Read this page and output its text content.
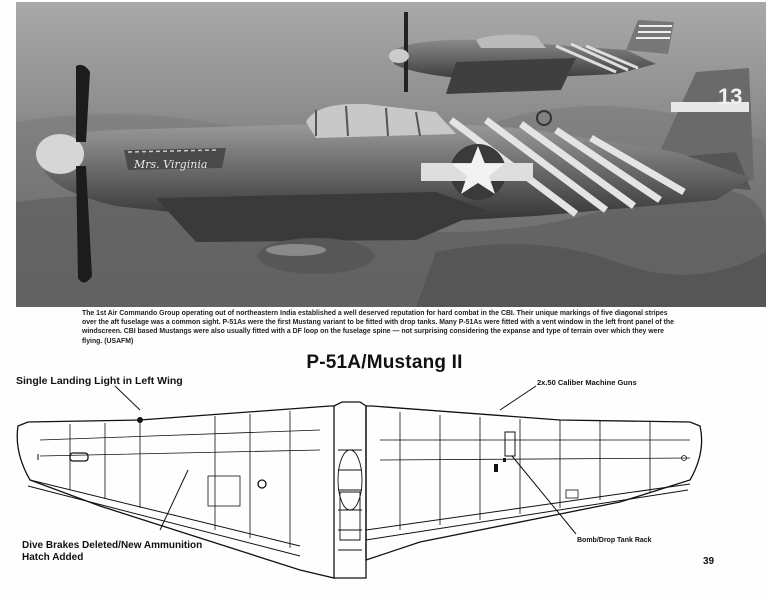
Mrs. Virginia
13
The 1st Air Commando Group operating out of northeastern India established a well deserved reputation for hard combat in the CBI. Their unique markings of five diagonal stripes over the aft fuselage was a common sight. P-51As were the first Mustang variant to be fitted with drop tanks. Many P-51As were fitted with a vent window in the left front panel of the windscreen. CBI based Mustangs were also usually fitted with a DF loop on the fuselage spine — not surprising considering the expanse and type of terrain over which they were flying. (USAFM)
P-51A/Mustang II
Single Landing Light in Left Wing	2x.50 Caliber Machine Guns
Dive Brakes Deleted/New Ammunition
Hatch Added
Bomb/Drop Tank Rack
39
